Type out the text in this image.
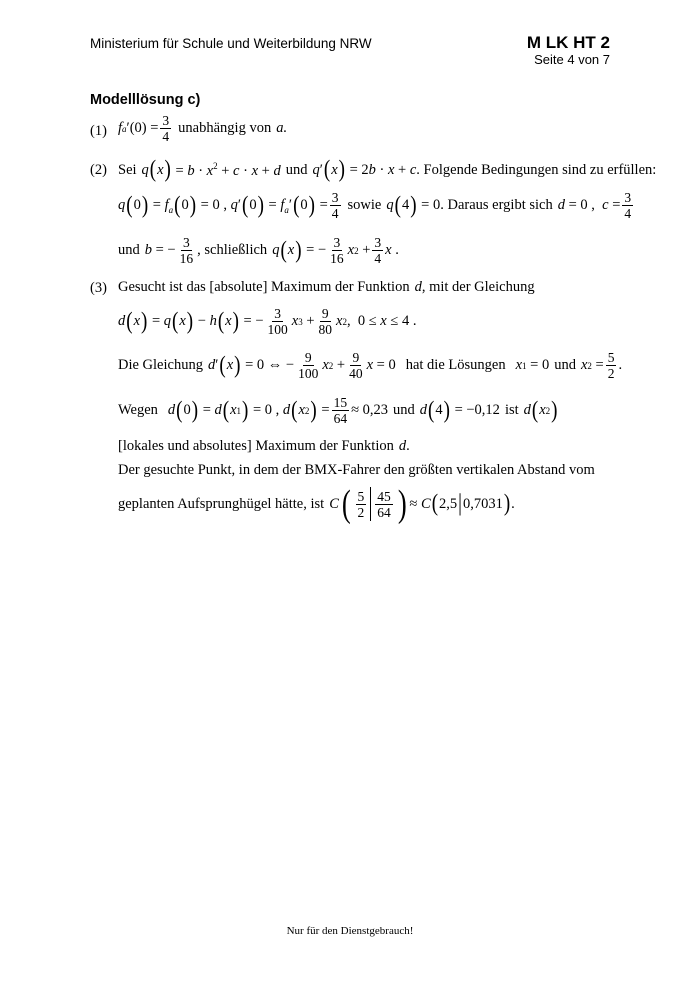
Ministerium für Schule und Weiterbildung NRW	M LK HT 2
Seite 4 von 7
Modelllösung c)
(1) f a $'(0) = \frac{3}{4}$ unabhängig von a.
(2) Sei q ( x ) = $b \cdot x^2 + c \cdot x + d$ und q ′ ( x ) = 2b · x + c . Folgende Bedingungen sind zu erfüllen:
q ( 0 ) = $f_a$ ( 0 ) = 0 , q ′ ( 0 ) = $f_a'$ ( 0 ) = $\frac{3}{4}$ sowie q ( 4 ) = 0 . Daraus ergibt sich d = 0 , $c = \frac{3}{4}$
und b = − $\frac{3}{16}$ , schließlich q ( x ) = − $\frac{3}{16}$ x $2 + \frac{3}{4}$ x .
(3) Gesucht ist das [absolute] Maximum der Funktion d , mit der Gleichung
d ( x ) = q ( x ) − h ( x ) = − $\frac{3}{100}$ x $3 + \frac{9}{80}$ x 2 ,  0 ≤ x ≤ 4 .
Die Gleichung d ′ ( x ) = 0 ⇔ − $\frac{9}{100}$ x $2 + \frac{9}{40}$ x = 0 hat die Lösungen x 1 = 0 und x $2 = \frac{5}{2}$ .
Wegen d ( 0 ) = d ( x 1 ) = 0 , d ( x 2 ) = $\frac{15}{64} \approx 0,23$ und d ( 4 ) = −0,12 ist d ( x 2 )
[lokales und absolutes] Maximum der Funktion d .
Der gesuchte Punkt, in dem der BMX-Fahrer den größten vertikalen Abstand vom
geplanten Aufsprunghügel hätte, ist C ( $\frac{5}{2} \frac{45}{64}$ ) ≈ C ( 2,5 | 0,7031 ) .
Nur für den Dienstgebrauch!
